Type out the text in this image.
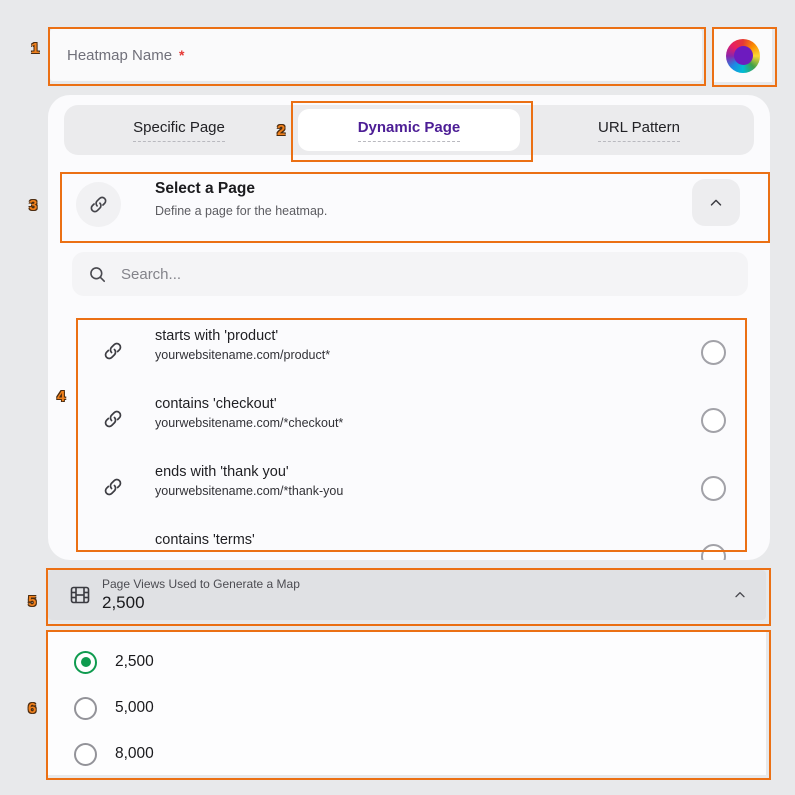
Heatmap Name *
Specific Page	Dynamic Page	URL Pattern
Select a Page
Define a page for the heatmap.
Search...
starts with 'product'
yourwebsitename.com/product*
contains 'checkout'
yourwebsitename.com/*checkout*
ends with 'thank you'
yourwebsitename.com/*thank-you
contains 'terms'
Page Views Used to Generate a Map
2,500
2,500
5,000
8,000
1
2
3
4
5
6
